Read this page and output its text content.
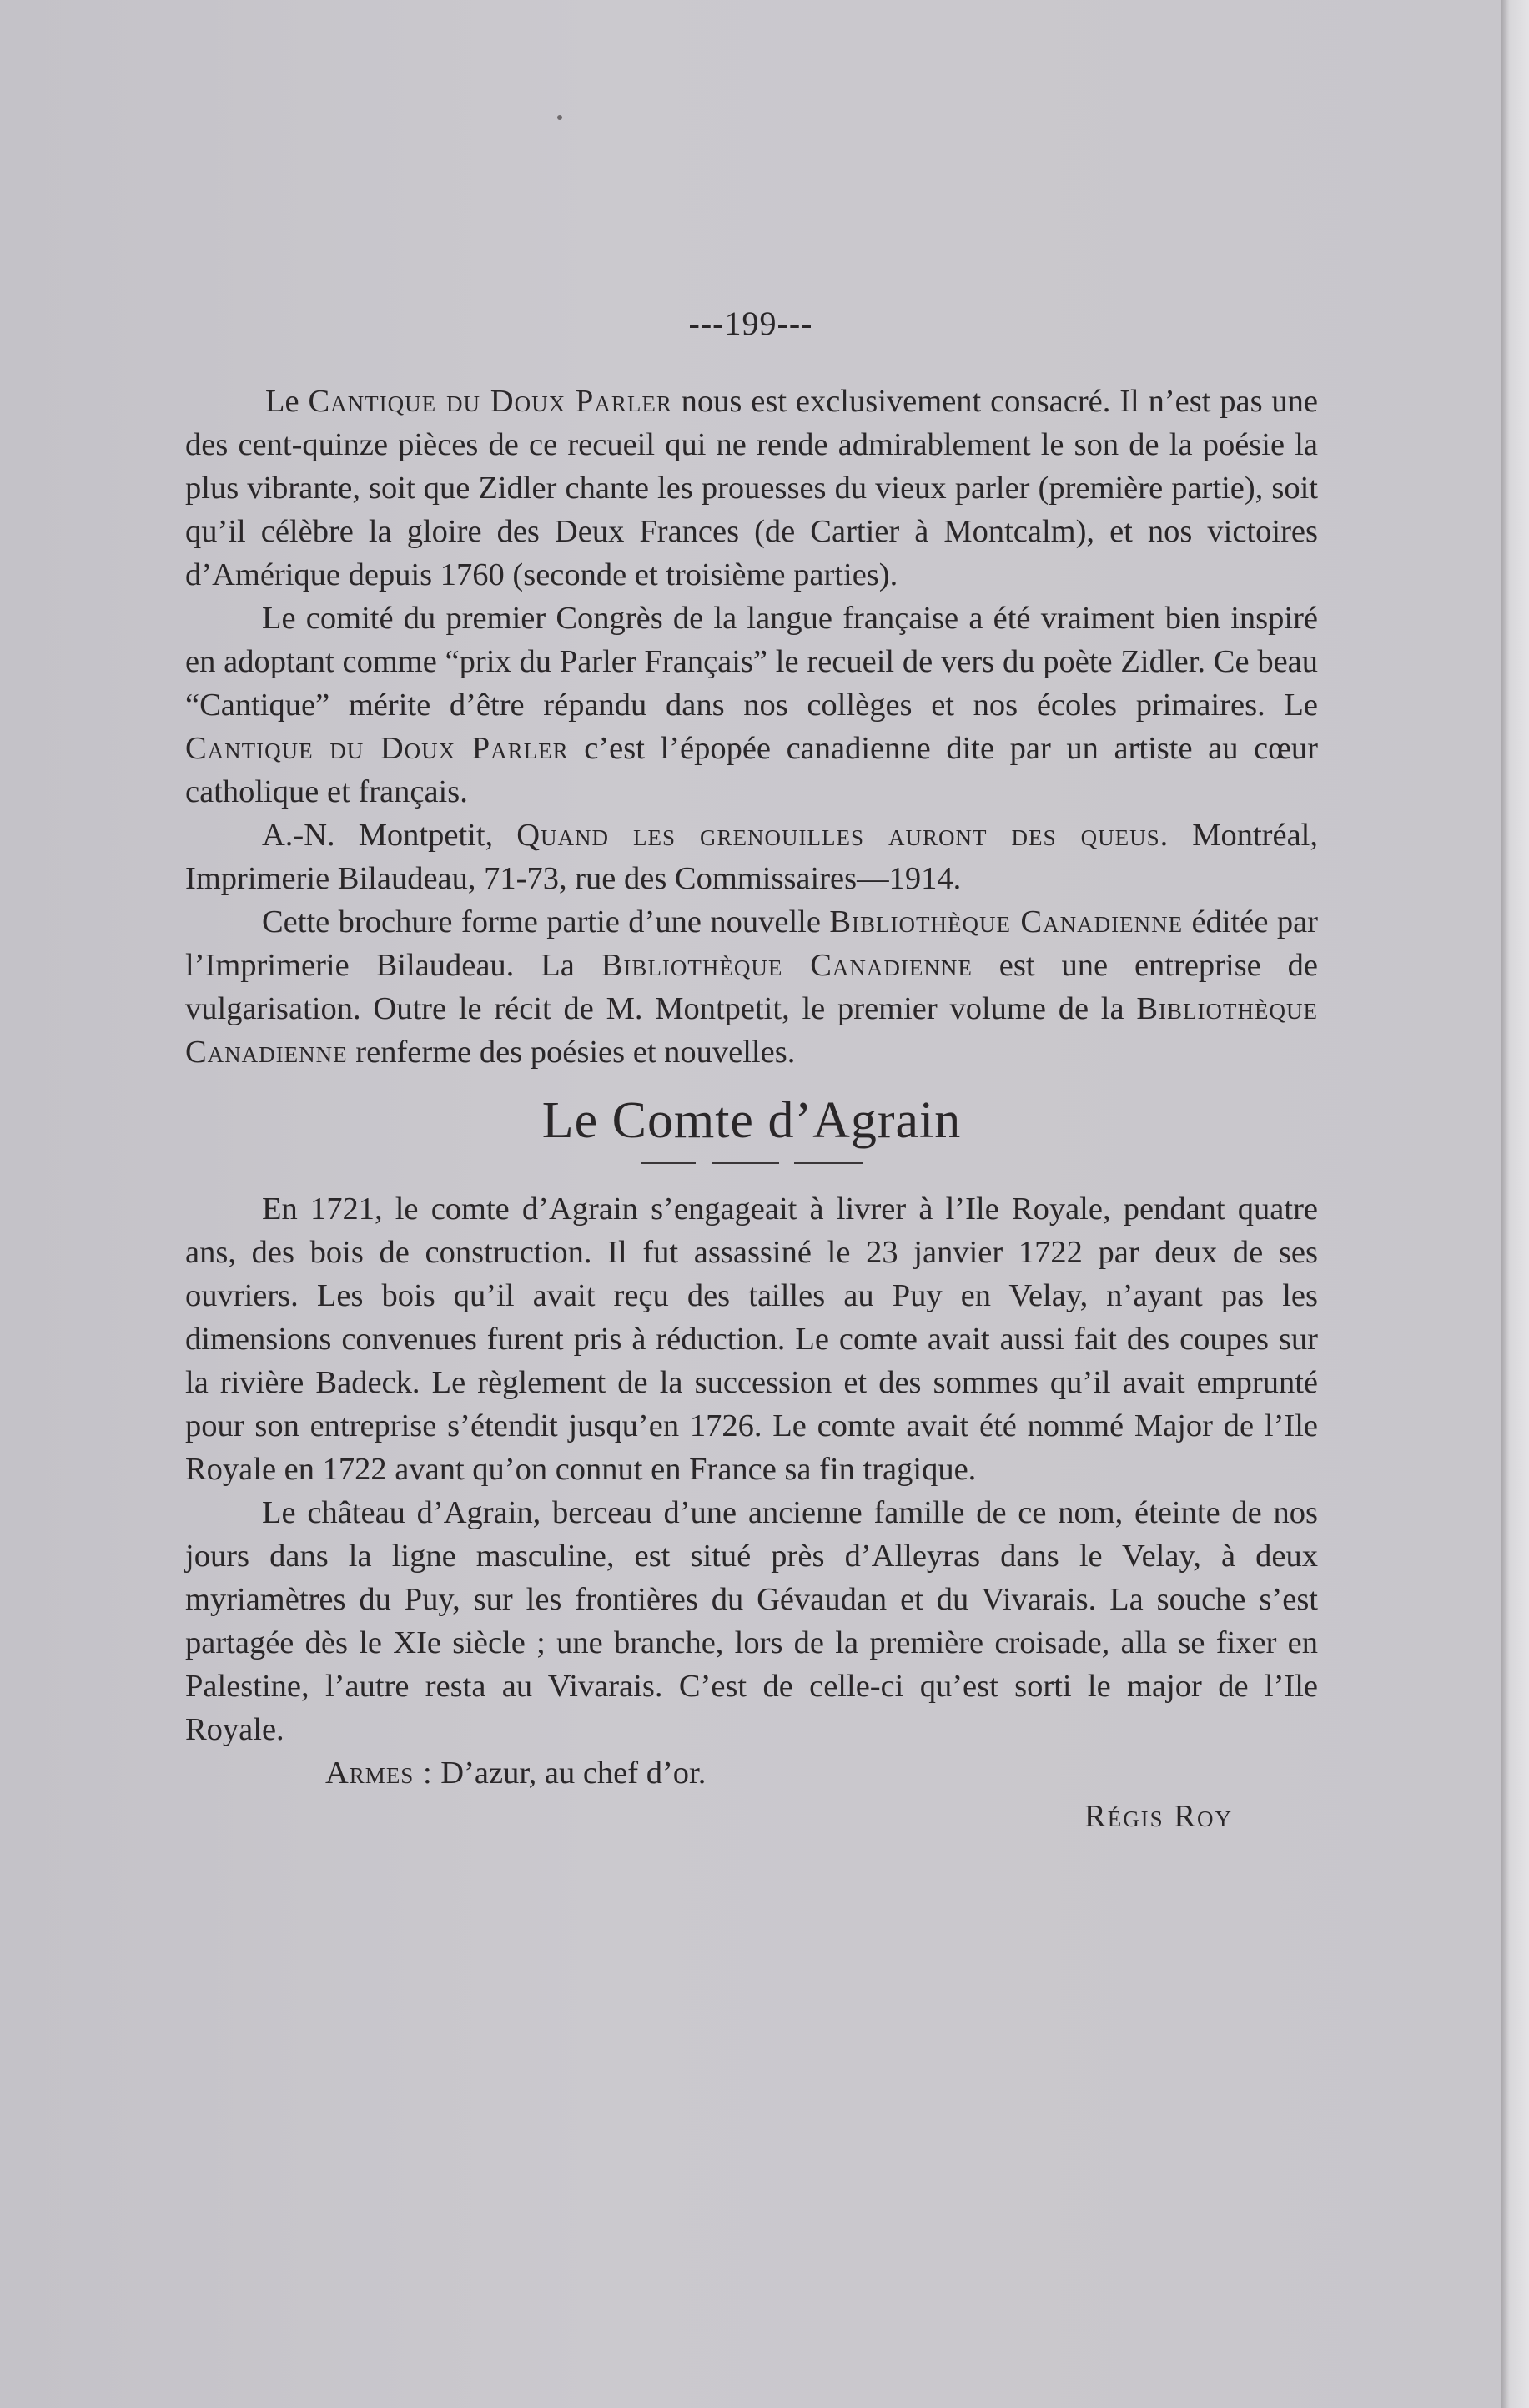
---199---

Le Cantique du Doux Parler nous est exclusivement consacré. Il n’est pas une des cent-quinze pièces de ce recueil qui ne rende admirablement le son de la poésie la plus vibrante, soit que Zidler chante les prouesses du vieux parler (première partie), soit qu’il célèbre la gloire des Deux Frances (de Cartier à Montcalm), et nos victoires d’Amérique depuis 1760 (seconde et troisième parties).

Le comité du premier Congrès de la langue française a été vraiment bien inspiré en adoptant comme “prix du Parler Français” le recueil de vers du poète Zidler. Ce beau “Cantique” mérite d’être répandu dans nos collèges et nos écoles primaires. Le Cantique du Doux Parler c’est l’épopée canadienne dite par un artiste au cœur catholique et français.

A.-N. Montpetit, Quand les grenouilles auront des queus. Montréal, Imprimerie Bilaudeau, 71-73, rue des Commissaires—1914.

Cette brochure forme partie d’une nouvelle Bibliothèque Canadienne éditée par l’Imprimerie Bilaudeau. La Bibliothèque Canadienne est une entreprise de vulgarisation. Outre le récit de M. Montpetit, le premier volume de la Bibliothèque Canadienne renferme des poésies et nouvelles.

Le Comte d’Agrain

En 1721, le comte d’Agrain s’engageait à livrer à l’Ile Royale, pendant quatre ans, des bois de construction. Il fut assassiné le 23 janvier 1722 par deux de ses ouvriers. Les bois qu’il avait reçu des tailles au Puy en Velay, n’ayant pas les dimensions convenues furent pris à réduction. Le comte avait aussi fait des coupes sur la rivière Badeck. Le règlement de la succession et des sommes qu’il avait emprunté pour son entreprise s’étendit jusqu’en 1726. Le comte avait été nommé Major de l’Ile Royale en 1722 avant qu’on connut en France sa fin tragique.

Le château d’Agrain, berceau d’une ancienne famille de ce nom, éteinte de nos jours dans la ligne masculine, est situé près d’Alleyras dans le Velay, à deux myriamètres du Puy, sur les frontières du Gévaudan et du Vivarais. La souche s’est partagée dès le XIe siècle ; une branche, lors de la première croisade, alla se fixer en Palestine, l’autre resta au Vivarais. C’est de celle-ci qu’est sorti le major de l’Ile Royale.

Armes : D’azur, au chef d’or.

Régis Roy
